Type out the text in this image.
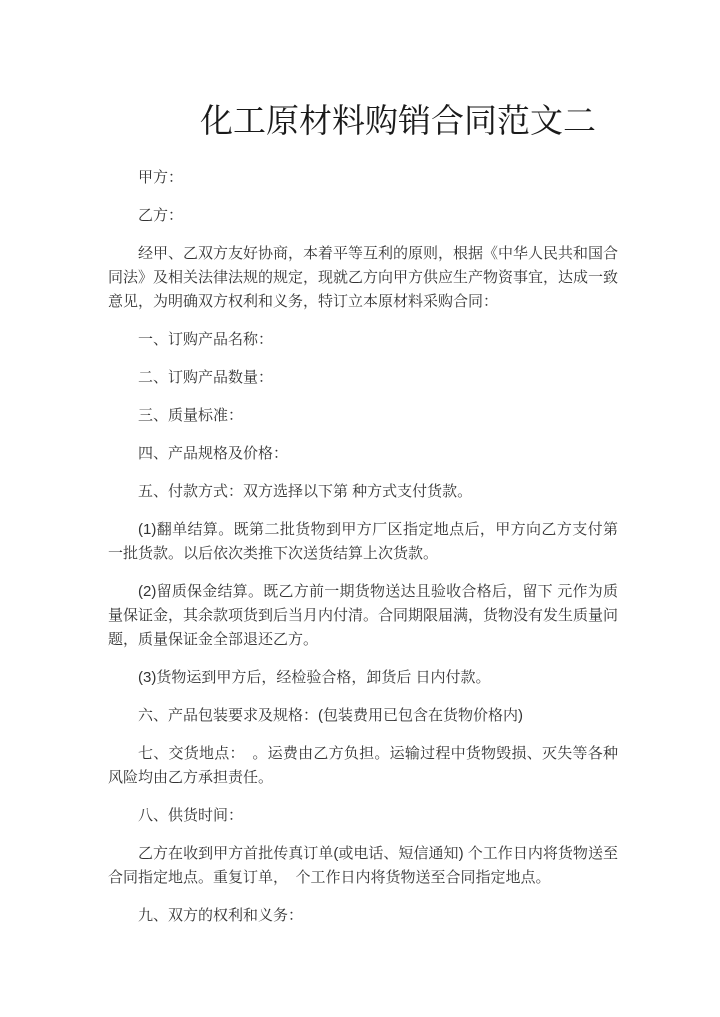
化工原材料购销合同范文二

甲方：

乙方：

经甲、乙双方友好协商，本着平等互利的原则，根据《中华人民共和国合同法》及相关法律法规的规定，现就乙方向甲方供应生产物资事宜，达成一致意见，为明确双方权利和义务，特订立本原材料采购合同：

一、订购产品名称：

二、订购产品数量：

三、质量标准：

四、产品规格及价格：

五、付款方式：双方选择以下第 种方式支付货款。

(1)翻单结算。既第二批货物到甲方厂区指定地点后，甲方向乙方支付第一批货款。以后依次类推下次送货结算上次货款。

(2)留质保金结算。既乙方前一期货物送达且验收合格后，留下 元作为质量保证金，其余款项货到后当月内付清。合同期限届满，货物没有发生质量问题，质量保证金全部退还乙方。

(3)货物运到甲方后，经检验合格，卸货后 日内付款。

六、产品包装要求及规格：(包装费用已包含在货物价格内)

七、交货地点：　。运费由乙方负担。运输过程中货物毁损、灭失等各种风险均由乙方承担责任。

八、供货时间：

乙方在收到甲方首批传真订单(或电话、短信通知) 个工作日内将货物送至合同指定地点。重复订单，　个工作日内将货物送至合同指定地点。

九、双方的权利和义务：
